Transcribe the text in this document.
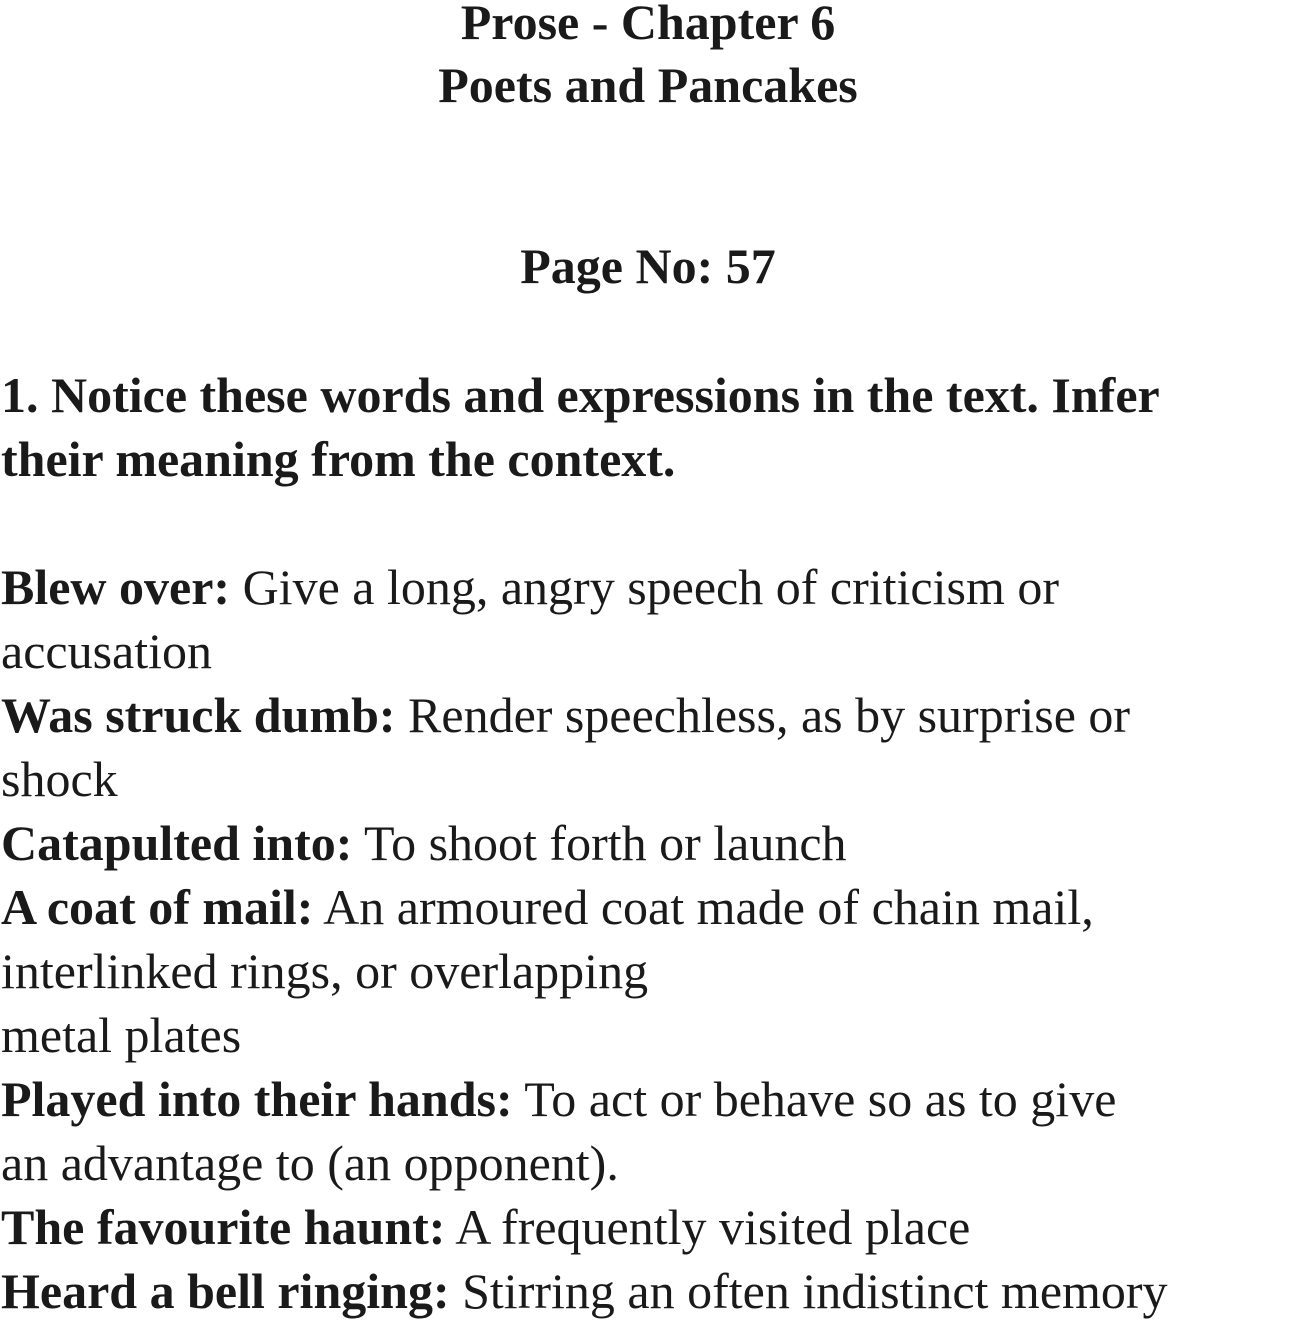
Prose - Chapter 6
Poets and Pancakes
Page No: 57

1. Notice these words and expressions in the text. Infer
their meaning from the context.

Blew over: Give a long, angry speech of criticism or
accusation
Was struck dumb: Render speechless, as by surprise or
shock
Catapulted into: To shoot forth or launch
A coat of mail: An armoured coat made of chain mail,
interlinked rings, or overlapping
metal plates
Played into their hands: To act or behave so as to give
an advantage to (an opponent).
The favourite haunt: A frequently visited place
Heard a bell ringing: Stirring an often indistinct memory
